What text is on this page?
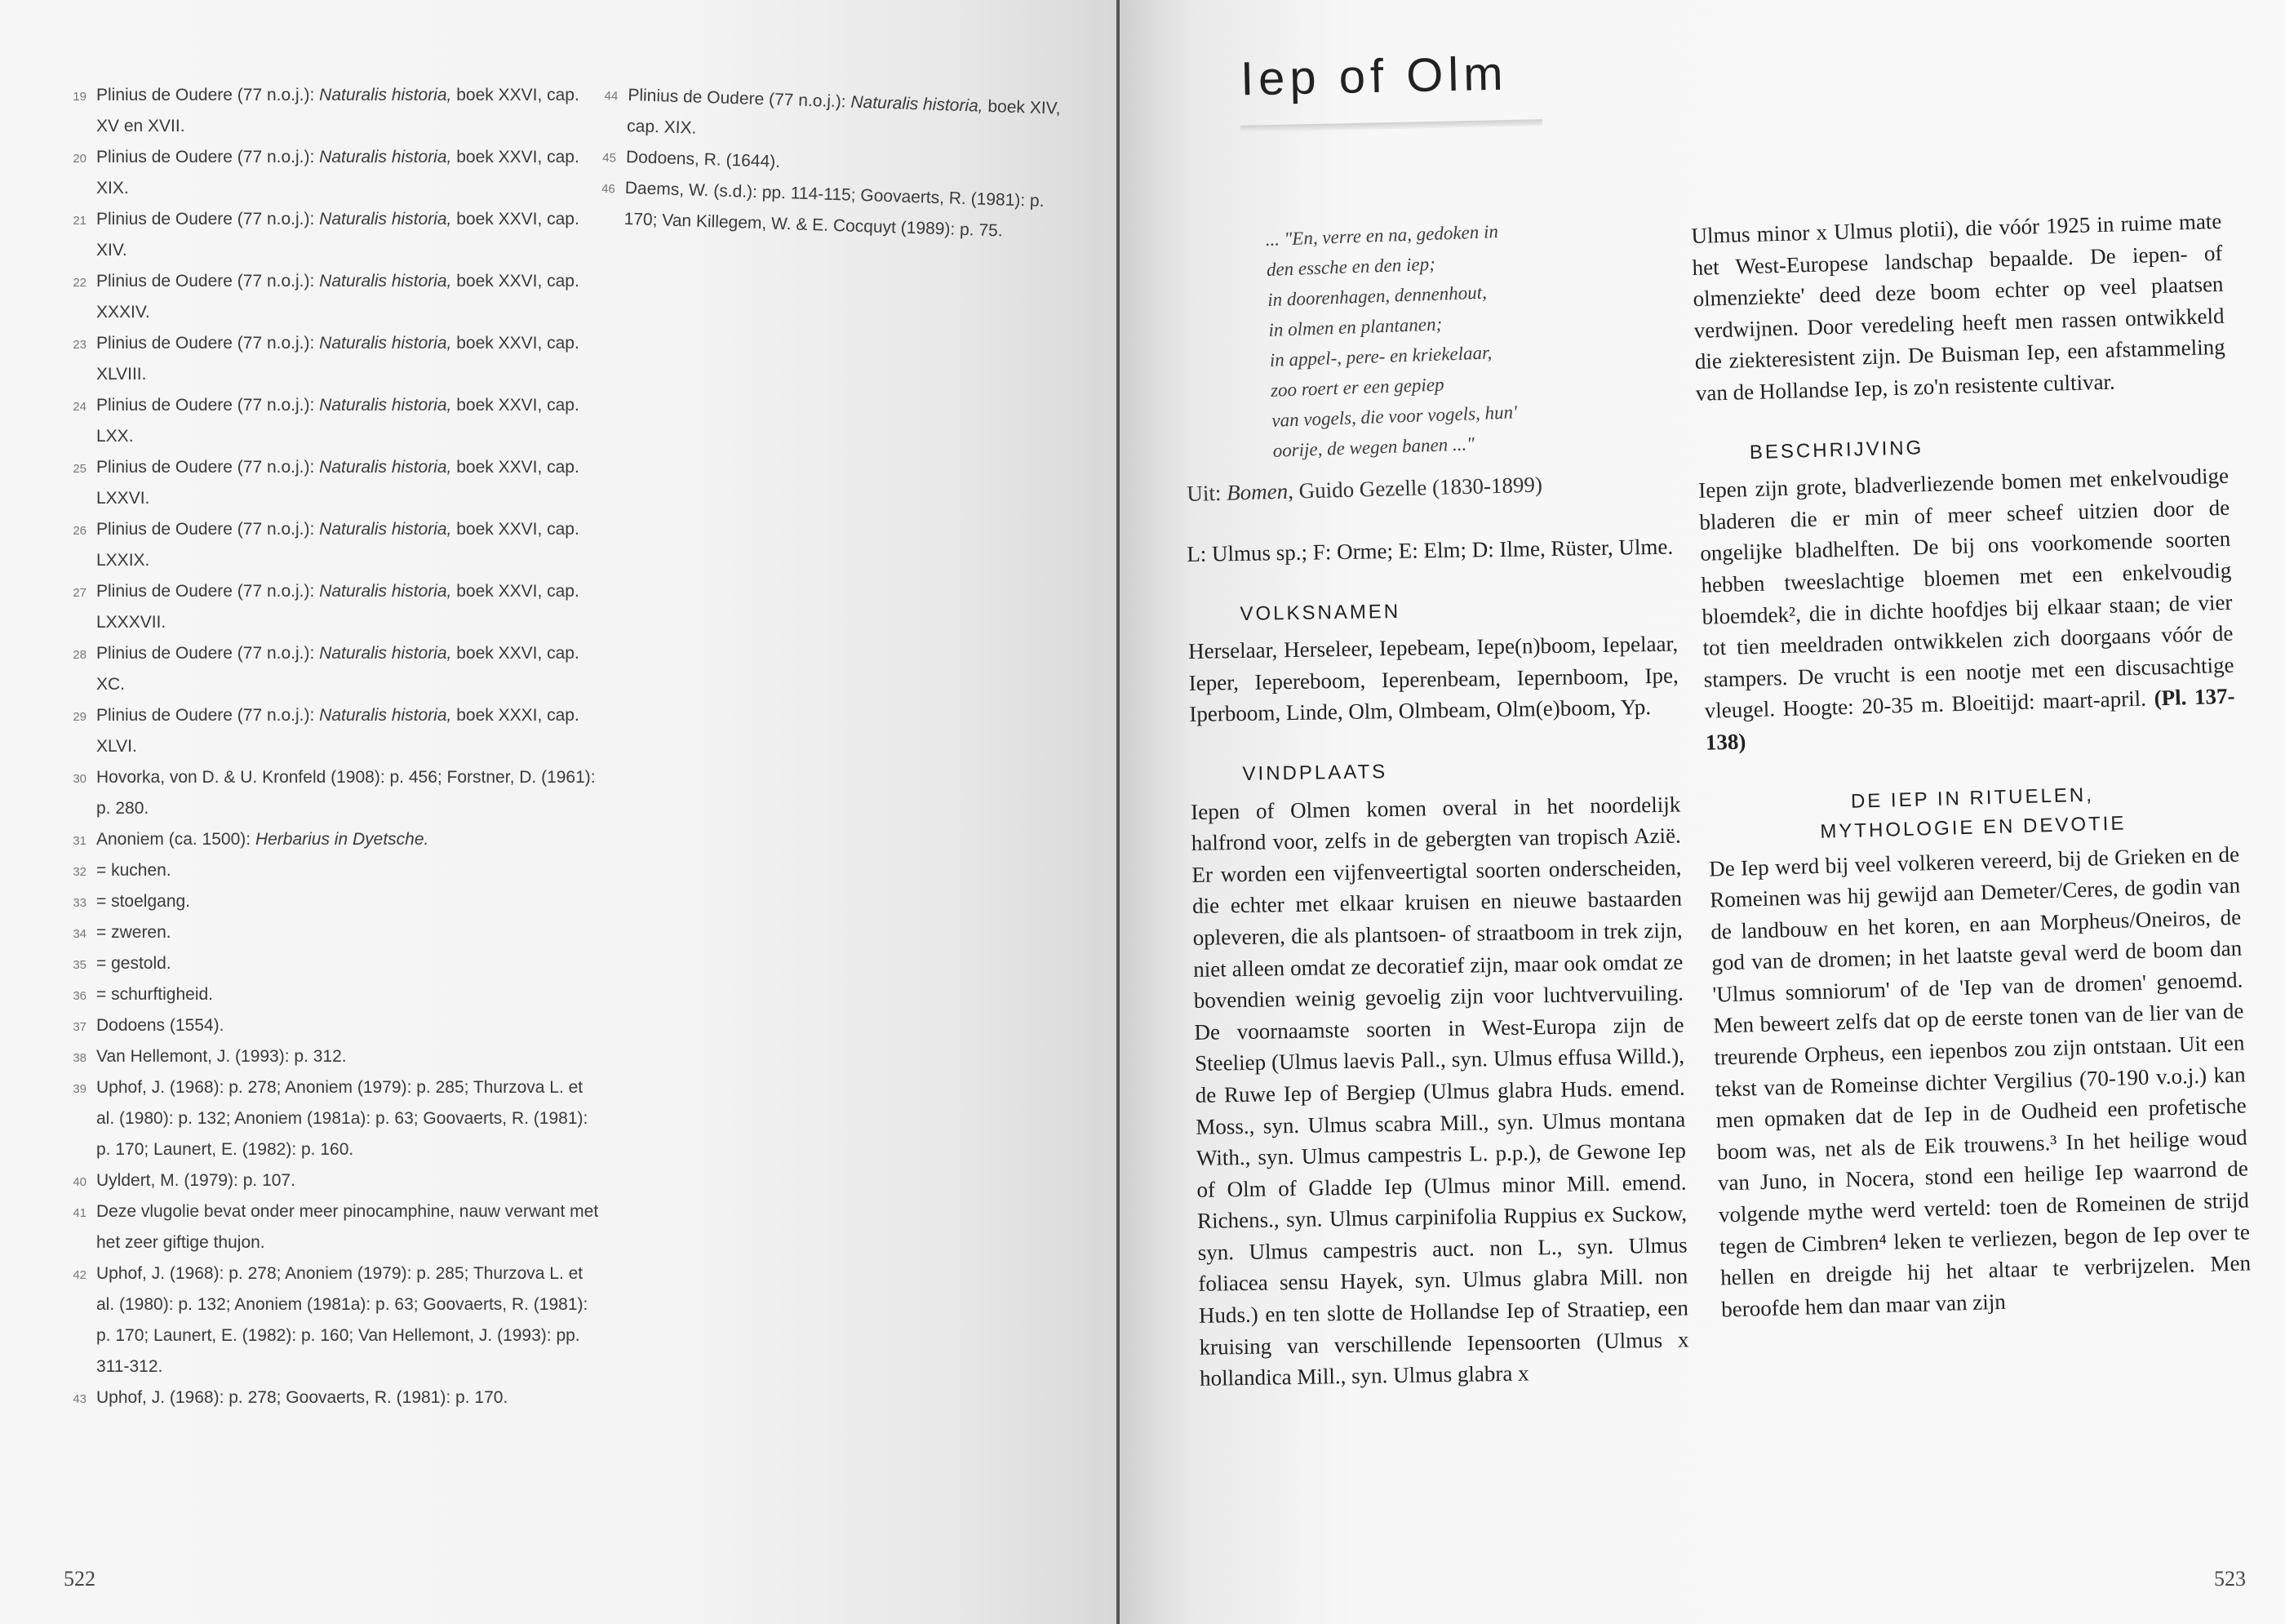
19 Plinius de Oudere (77 n.o.j.): Naturalis historia, boek XXVI, cap. XV en XVII.
20 Plinius de Oudere (77 n.o.j.): Naturalis historia, boek XXVI, cap. XIX.
21 Plinius de Oudere (77 n.o.j.): Naturalis historia, boek XXVI, cap. XIV.
22 Plinius de Oudere (77 n.o.j.): Naturalis historia, boek XXVI, cap. XXXIV.
23 Plinius de Oudere (77 n.o.j.): Naturalis historia, boek XXVI, cap. XLVIII.
24 Plinius de Oudere (77 n.o.j.): Naturalis historia, boek XXVI, cap. LXX.
25 Plinius de Oudere (77 n.o.j.): Naturalis historia, boek XXVI, cap. LXXVI.
26 Plinius de Oudere (77 n.o.j.): Naturalis historia, boek XXVI, cap. LXXIX.
27 Plinius de Oudere (77 n.o.j.): Naturalis historia, boek XXVI, cap. LXXXVII.
28 Plinius de Oudere (77 n.o.j.): Naturalis historia, boek XXVI, cap. XC.
29 Plinius de Oudere (77 n.o.j.): Naturalis historia, boek XXXI, cap. XLVI.
30 Hovorka, von D. & U. Kronfeld (1908): p. 456; Forstner, D. (1961): p. 280.
31 Anoniem (ca. 1500): Herbarius in Dyetsche.
32 = kuchen.
33 = stoelgang.
34 = zweren.
35 = gestold.
36 = schurftigheid.
37 Dodoens (1554).
38 Van Hellemont, J. (1993): p. 312.
39 Uphof, J. (1968): p. 278; Anoniem (1979): p. 285; Thurzova L. et al. (1980): p. 132; Anoniem (1981a): p. 63; Goovaerts, R. (1981): p. 170; Launert, E. (1982): p. 160.
40 Uyldert, M. (1979): p. 107.
41 Deze vlugolie bevat onder meer pinocamphine, nauw verwant met het zeer giftige thujon.
42 Uphof, J. (1968): p. 278; Anoniem (1979): p. 285; Thurzova L. et al. (1980): p. 132; Anoniem (1981a): p. 63; Goovaerts, R. (1981): p. 170; Launert, E. (1982): p. 160; Van Hellemont, J. (1993): pp. 311-312.
43 Uphof, J. (1968): p. 278; Goovaerts, R. (1981): p. 170.
44 Plinius de Oudere (77 n.o.j.): Naturalis historia, boek XIV, cap. XIX.
45 Dodoens, R. (1644).
46 Daems, W. (s.d.): pp. 114-115; Goovaerts, R. (1981): p. 170; Van Killegem, W. & E. Cocquyt (1989): p. 75.
522
Iep of Olm
... "En, verre en na, gedoken in
den essche en den iep;
in doorenhagen, dennenhout,
in olmen en plantanen;
in appel-, pere- en kriekelaar,
zoo roert er een gepiep
van vogels, die voor vogels, hun'
oorije, de wegen banen ..."
Uit: Bomen, Guido Gezelle (1830-1899)

L: Ulmus sp.; F: Orme; E: Elm; D: Ilme, Rüster, Ulme.

VOLKSNAMEN

Herselaar, Herseleer, Iepebeam, Iepe(n)boom, Iepelaar, Ieper, Iepereboom, Ieperenbeam, Iepernboom, Ipe, Iperboom, Linde, Olm, Olmbeam, Olm(e)boom, Yp.

VINDPLAATS

Iepen of Olmen komen overal in het noordelijk halfrond voor, zelfs in de gebergten van tropisch Azië. Er worden een vijfenveertigtal soorten onderscheiden, die echter met elkaar kruisen en nieuwe bastaarden opleveren, die als plantsoen- of straatboom in trek zijn, niet alleen omdat ze decoratief zijn, maar ook omdat ze bovendien weinig gevoelig zijn voor luchtvervuiling. De voornaamste soorten in West-Europa zijn de Steeliep (Ulmus laevis Pall., syn. Ulmus effusa Willd.), de Ruwe Iep of Bergiep (Ulmus glabra Huds. emend. Moss., syn. Ulmus scabra Mill., syn. Ulmus montana With., syn. Ulmus campestris L. p.p.), de Gewone Iep of Olm of Gladde Iep (Ulmus minor Mill. emend. Richens., syn. Ulmus carpinifolia Ruppius ex Suckow, syn. Ulmus campestris auct. non L., syn. Ulmus foliacea sensu Hayek, syn. Ulmus glabra Mill. non Huds.) en ten slotte de Hollandse Iep of Straatiep, een kruising van verschillende Iepensoorten (Ulmus x hollandica Mill., syn. Ulmus glabra x

Ulmus minor x Ulmus plotii), die vóór 1925 in ruime mate het West-Europese landschap bepaalde. De iepen- of olmenziekte' deed deze boom echter op veel plaatsen verdwijnen. Door veredeling heeft men rassen ontwikkeld die ziekteresistent zijn. De Buisman Iep, een afstammeling van de Hollandse Iep, is zo'n resistente cultivar.

BESCHRIJVING

Iepen zijn grote, bladverliezende bomen met enkelvoudige bladeren die er min of meer scheef uitzien door de ongelijke bladhelften. De bij ons voorkomende soorten hebben tweeslachtige bloemen met een enkelvoudig bloemdek², die in dichte hoofdjes bij elkaar staan; de vier tot tien meeldraden ontwikkelen zich doorgaans vóór de stampers. De vrucht is een nootje met een discusachtige vleugel. Hoogte: 20-35 m. Bloeitijd: maart-april. (Pl. 137-138)

DE IEP IN RITUELEN,
MYTHOLOGIE EN DEVOTIE

De Iep werd bij veel volkeren vereerd, bij de Grieken en de Romeinen was hij gewijd aan Demeter/Ceres, de godin van de landbouw en het koren, en aan Morpheus/Oneiros, de god van de dromen; in het laatste geval werd de boom dan 'Ulmus somniorum' of de 'Iep van de dromen' genoemd. Men beweert zelfs dat op de eerste tonen van de lier van de treurende Orpheus, een iepenbos zou zijn ontstaan. Uit een tekst van de Romeinse dichter Vergilius (70-190 v.o.j.) kan men opmaken dat de Iep in de Oudheid een profetische boom was, net als de Eik trouwens.³ In het heilige woud van Juno, in Nocera, stond een heilige Iep waarrond de volgende mythe werd verteld: toen de Romeinen de strijd tegen de Cimbren⁴ leken te verliezen, begon de Iep over te hellen en dreigde hij het altaar te verbrijzelen. Men beroofde hem dan maar van zijn

523
